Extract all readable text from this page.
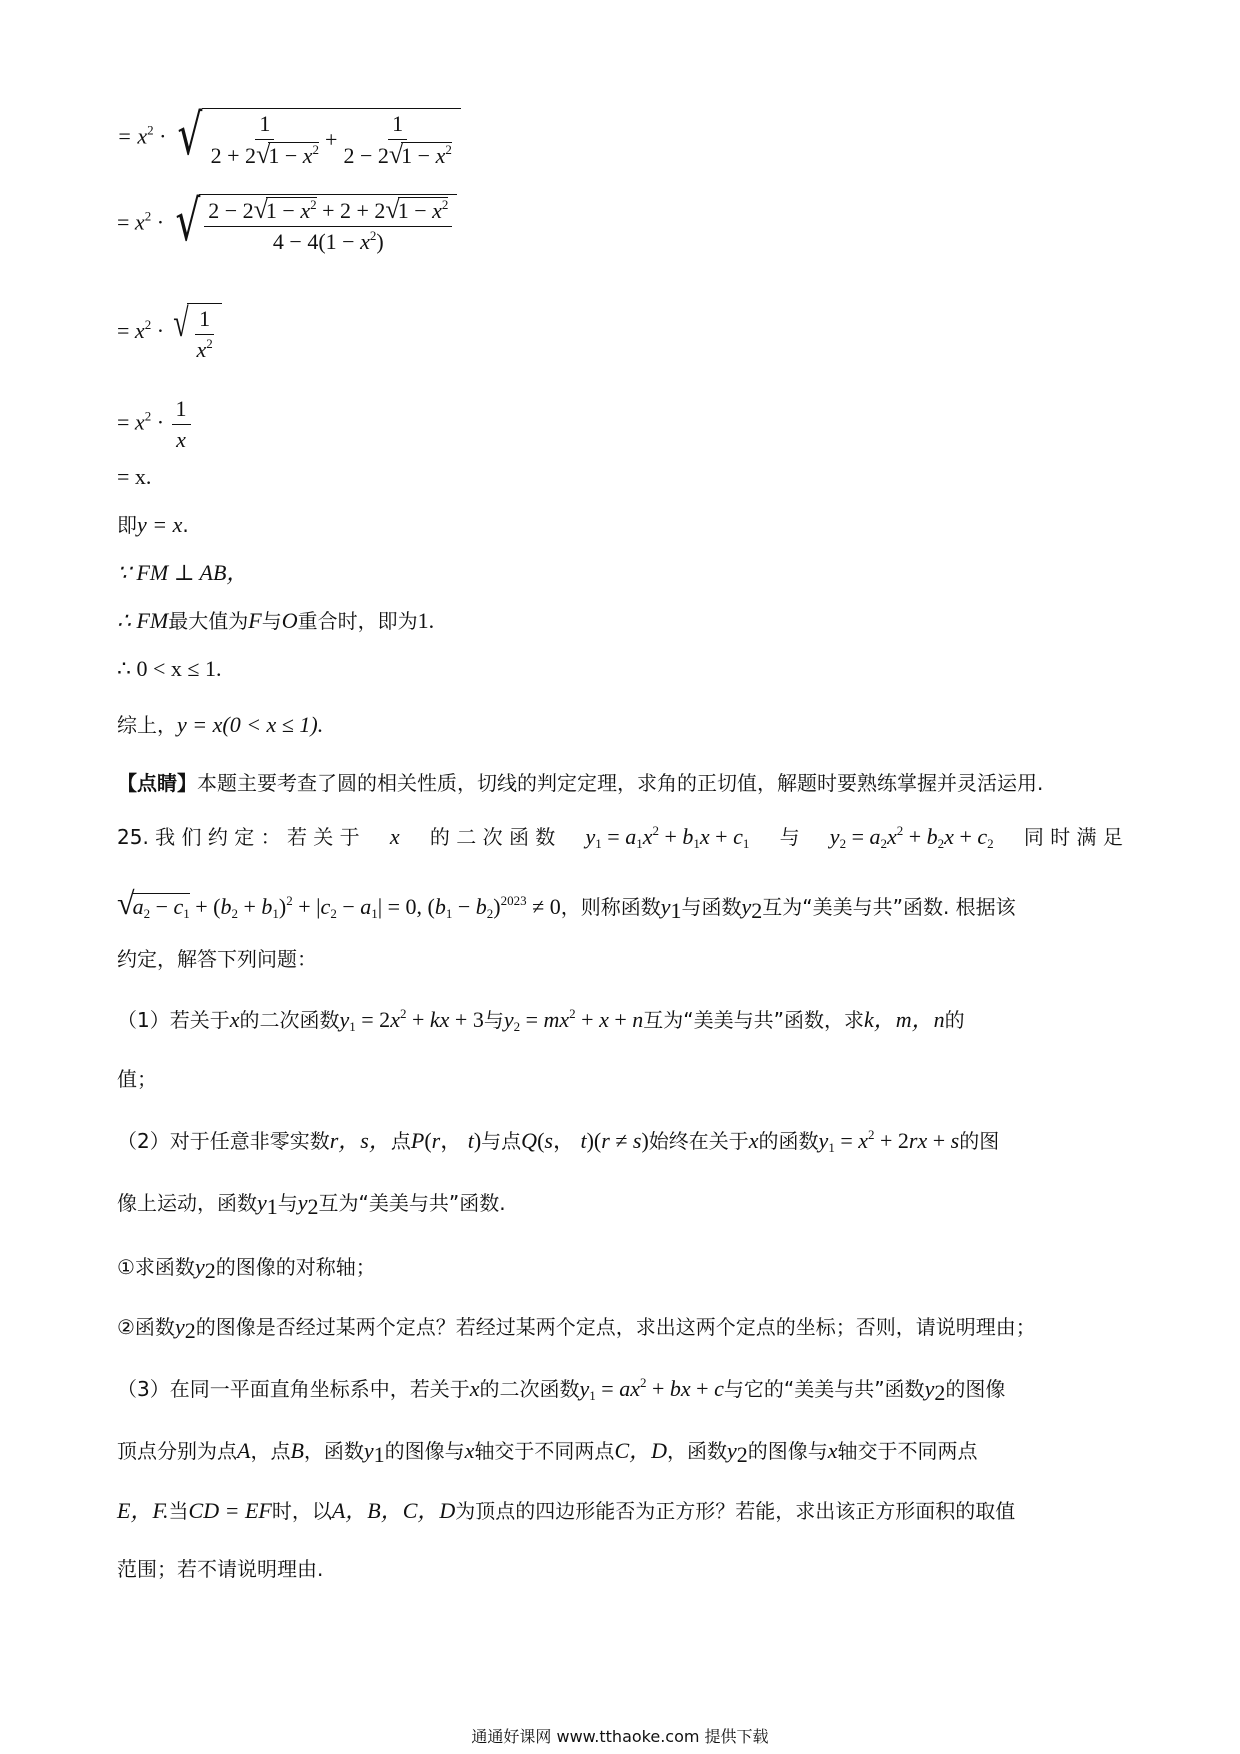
= $x^2$ · √ $\frac{1}{2 + 2√1 - x^2} + \frac{1}{2 - 2√1 - x^2}$
= $x^2$ · √ $\frac{2 - 2√1 - x^2 + 2 + 2√1 - x^2}{4 - 4(1 - x^2)}$
= $x^2$ · √ $\frac{1}{x^2}$
= $x^2 \cdot \frac{1}{x}$
= x.
即y = x.
∵ FM ⊥ AB，
∴ FM最大值为F与O重合时，即为1.
∴ 0 < x ≤ 1.
综上，y = x(0 < x ≤ 1).
【点睛】本题主要考查了圆的相关性质，切线的判定定理，求角的正切值，解题时要熟练掌握并灵活运用.
25. 我 们 约 定 ： 若 关 于 x 的 二 次 函 数 $y_1 = a_1x^2 + b_1x + c_1$ 与 $y_2 = a_2x^2 + b_2x + c_2$ 同 时 满 足
$√a_2 - c_1 + (b_2 + b_1)^2 + |c_2 - a_1| = 0$, $(b_1 - b_2)^{2023} \ne 0$，则称函数$y_1$与函数$y_2$互为“美美与共”函数. 根据该
约定，解答下列问题：
（1）若关于x的二次函数$y_1 = 2x^2$ + kx + 3与$y_2 = mx^2 + x + n$互为“美美与共”函数，求k，m，n的
值；
（2）对于任意非零实数r，s，点P(r， t)与点Q(s， t)(r ≠ s)始终在关于x的函数$y_1 = x^2 + 2rx + s$的图
像上运动，函数$y_1$与$y_2$互为“美美与共”函数.
①求函数$y_2$的图像的对称轴；
②函数$y_2$的图像是否经过某两个定点？若经过某两个定点，求出这两个定点的坐标；否则，请说明理由；
（3）在同一平面直角坐标系中，若关于x的二次函数$y_1 = ax^2$ + bx + c与它的“美美与共”函数$y_2$的图像
顶点分别为点A，点B，函数$y_1$的图像与x轴交于不同两点C，D，函数$y_2$的图像与x轴交于不同两点
E，F.当CD = EF时，以A，B，C，D为顶点的四边形能否为正方形？若能，求出该正方形面积的取值
范围；若不请说明理由.
通通好课网 www.tthaoke.com 提供下载
